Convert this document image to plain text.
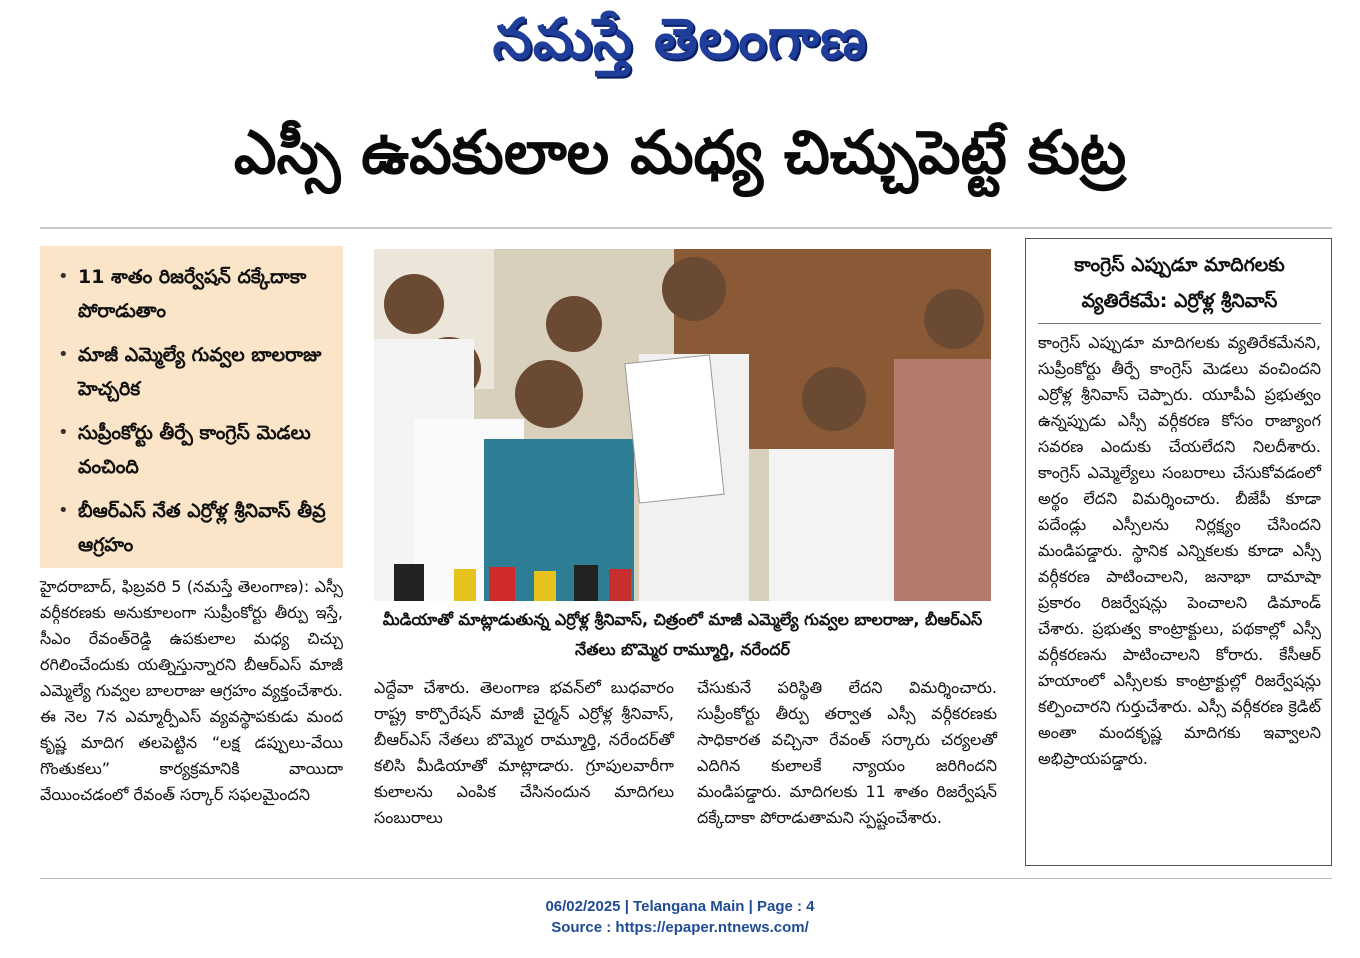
నమస్తే తెలంగాణ
ఎస్సీ ఉపకులాల మధ్య చిచ్చుపెట్టే కుట్ర
• 11 శాతం రిజర్వేషన్ దక్కేదాకా పోరాడుతాం
• మాజీ ఎమ్మెల్యే గువ్వల బాలరాజు హెచ్చరిక
• సుప్రీంకోర్టు తీర్పే కాంగ్రెస్ మెడలు వంచింది
• బీఆర్ఎస్ నేత ఎర్రోళ్ల శ్రీనివాస్ తీవ్ర ఆగ్రహం
మీడియాతో మాట్లాడుతున్న ఎర్రోళ్ల శ్రీనివాస్, చిత్రంలో మాజీ ఎమ్మెల్యే గువ్వల బాలరాజు, బీఆర్ఎస్ నేతలు బొమ్మెర రామ్మూర్తి, నరేందర్
హైదరాబాద్, ఫిబ్రవరి 5 (నమస్తే తెలంగాణ): ఎస్సీ వర్గీకరణకు అనుకూలంగా సుప్రీంకోర్టు తీర్పు ఇస్తే, సీఎం రేవంత్‌రెడ్డి ఉపకులాల మధ్య చిచ్చు రగిలించేందుకు యత్నిస్తున్నారని బీఆర్ఎస్ మాజీ ఎమ్మెల్యే గువ్వల బాలరాజు ఆగ్రహం వ్యక్తంచేశారు. ఈ నెల 7న ఎమ్మార్పీఎస్ వ్యవస్థాపకుడు మంద కృష్ణ మాదిగ తలపెట్టిన “లక్ష డప్పులు-వేయి గొంతుకలు” కార్యక్రమానికి వాయిదా వేయించడంలో రేవంత్ సర్కార్ సఫలమైందని
ఎద్దేవా చేశారు. తెలంగాణ భవన్‌లో బుధవారం రాష్ట్ర కార్పొరేషన్ మాజీ చైర్మన్ ఎర్రోళ్ల శ్రీనివాస్, బీఆర్ఎస్ నేతలు బొమ్మెర రామ్మూర్తి, నరేందర్‌తో కలిసి మీడియాతో మాట్లాడారు. గ్రూపులవారీగా కులాలను ఎంపిక చేసినందున మాదిగలు సంబురాలు
చేసుకునే పరిస్థితి లేదని విమర్శించారు. సుప్రీంకోర్టు తీర్పు తర్వాత ఎస్సీ వర్గీకరణకు సాధికారత వచ్చినా రేవంత్ సర్కారు చర్యలతో ఎదిగిన కులాలకే న్యాయం జరిగిందని మండిపడ్డారు. మాదిగలకు 11 శాతం రిజర్వేషన్ దక్కేదాకా పోరాడుతామని స్పష్టంచేశారు.
కాంగ్రెస్ ఎప్పుడూ మాదిగలకు
వ్యతిరేకమే: ఎర్రోళ్ల శ్రీనివాస్
కాంగ్రెస్ ఎప్పుడూ మాదిగలకు వ్యతిరేకమేనని, సుప్రీంకోర్టు తీర్పే కాంగ్రెస్ మెడలు వంచిందని ఎర్రోళ్ల శ్రీనివాస్ చెప్పారు. యూపీఏ ప్రభుత్వం ఉన్నప్పుడు ఎస్సీ వర్గీకరణ కోసం రాజ్యాంగ సవరణ ఎందుకు చేయలేదని నిలదీశారు. కాంగ్రెస్ ఎమ్మెల్యేలు సంబరాలు చేసుకోవడంలో అర్థం లేదని విమర్శించారు. బీజేపీ కూడా పదేండ్లు ఎస్సీలను నిర్లక్ష్యం చేసిందని మండిపడ్డారు. స్థానిక ఎన్నికలకు కూడా ఎస్సీ వర్గీకరణ పాటించాలని, జనాభా దామాషా ప్రకారం రిజర్వేషన్లు పెంచాలని డిమాండ్ చేశారు. ప్రభుత్వ కాంట్రాక్టులు, పథకాల్లో ఎస్సీ వర్గీకరణను పాటించాలని కోరారు. కేసీఆర్ హయాంలో ఎస్సీలకు కాంట్రాక్టుల్లో రిజర్వేషన్లు కల్పించారని గుర్తుచేశారు. ఎస్సీ వర్గీకరణ క్రెడిట్ అంతా మందకృష్ణ మాదిగకు ఇవ్వాలని అభిప్రాయపడ్డారు.
06/02/2025 | Telangana Main | Page : 4
Source : https://epaper.ntnews.com/
